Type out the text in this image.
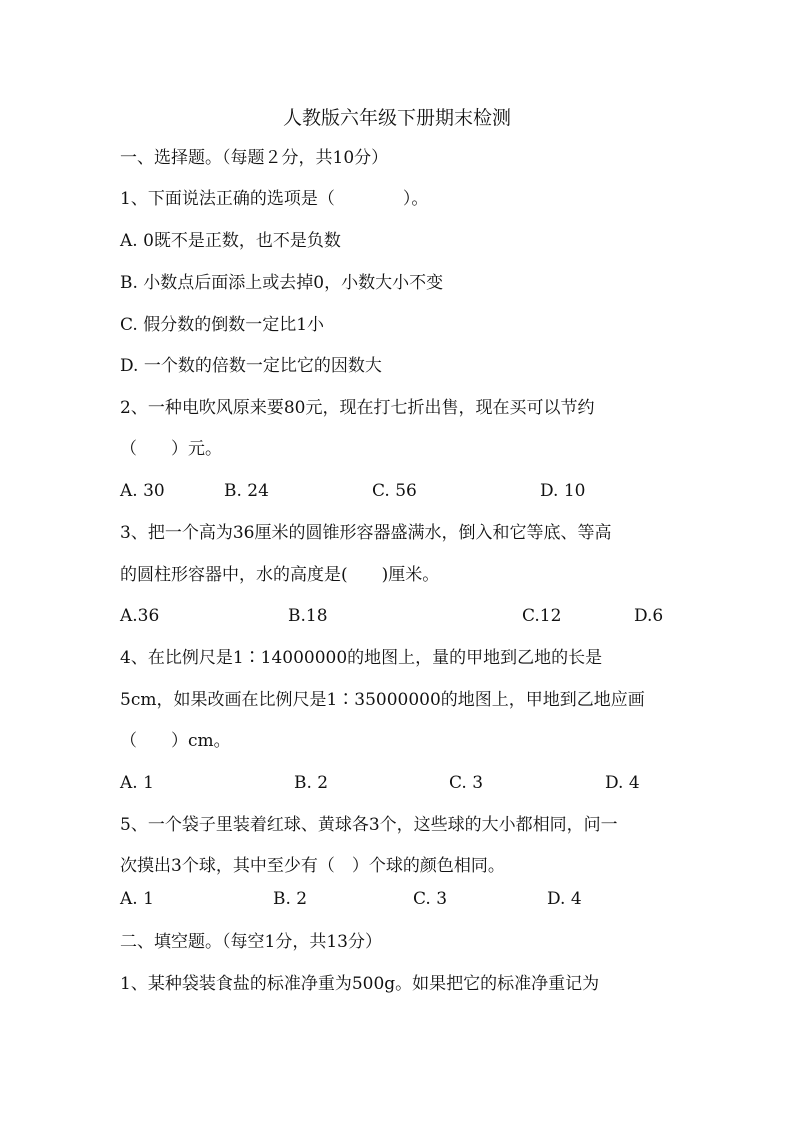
人教版六年级下册期末检测
一、选择题。（每题２分，共10分）
1、下面说法正确的选项是（　　　　）。
A. 0既不是正数，也不是负数
B. 小数点后面添上或去掉0，小数大小不变
C. 假分数的倒数一定比1小
D. 一个数的倍数一定比它的因数大
2、一种电吹风原来要80元，现在打七折出售，现在买可以节约
（　　）元。
A. 30	B. 24	C. 56	D. 10
3、把一个高为36厘米的圆锥形容器盛满水，倒入和它等底、等高
的圆柱形容器中，水的高度是(　　)厘米。
A.36	B.18	C.12	D.6
4、在比例尺是1∶14000000的地图上，量的甲地到乙地的长是
5cm，如果改画在比例尺是1∶35000000的地图上，甲地到乙地应画
（　　）cm。
A. 1	B. 2	C. 3	D. 4
5、一个袋子里装着红球、黄球各3个，这些球的大小都相同，问一
次摸出3个球，其中至少有（　）个球的颜色相同。
A. 1	B. 2	C. 3	D. 4
二、填空题。（每空1分，共13分）
1、某种袋装食盐的标准净重为500g。如果把它的标准净重记为
